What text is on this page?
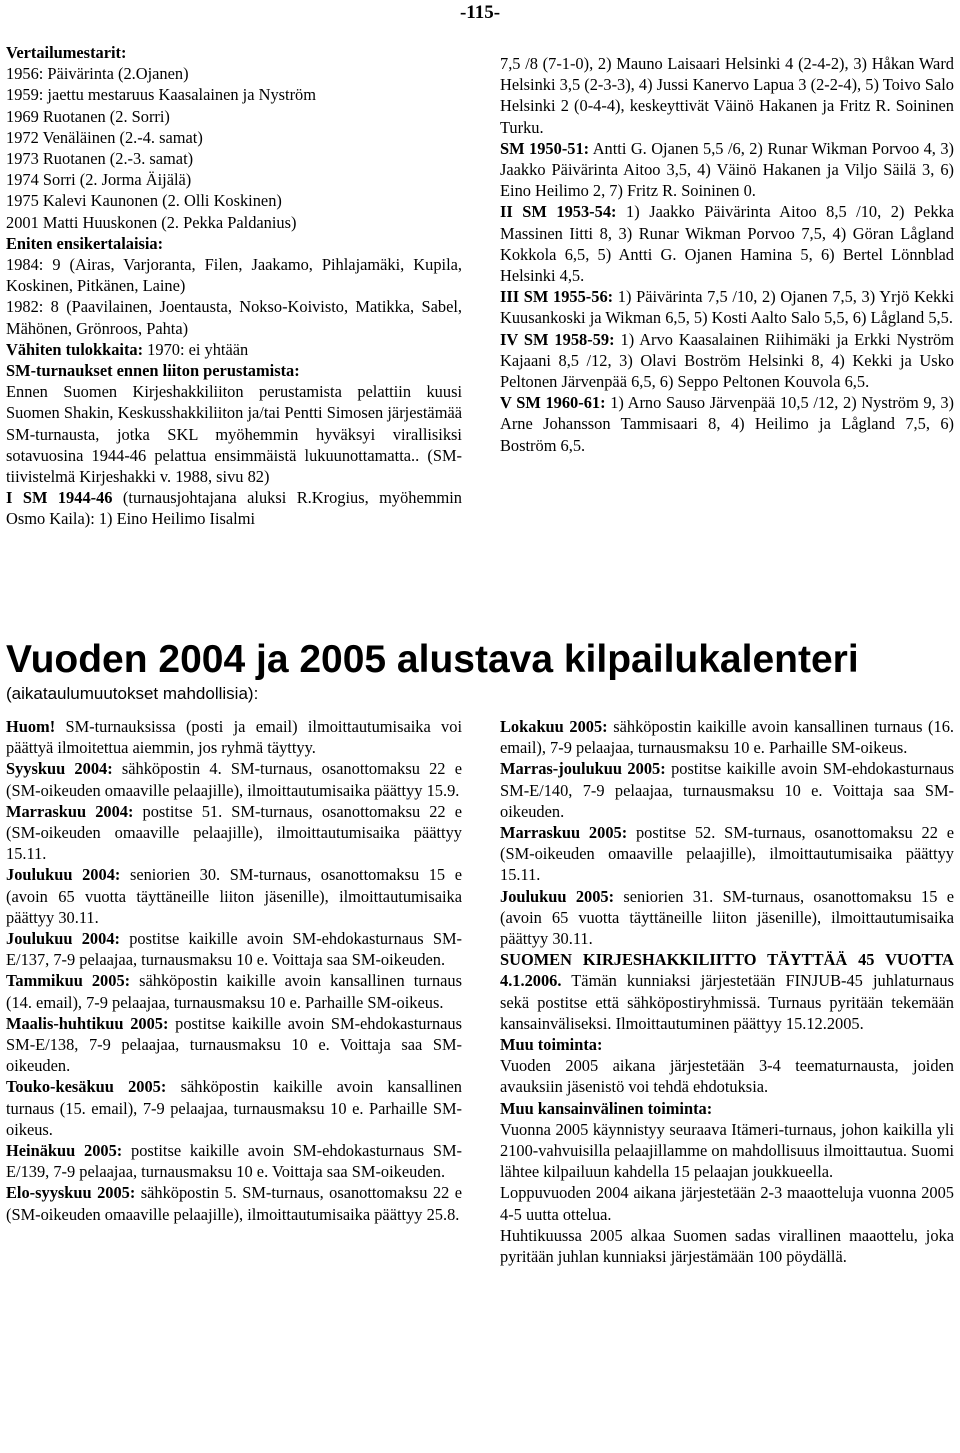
-115-

Vertailumestarit:

1956: Päivärinta (2.Ojanen)

1959: jaettu mestaruus Kaasalainen ja Nyström

1969 Ruotanen (2. Sorri)

1972 Venäläinen (2.-4. samat)

1973 Ruotanen (2.-3. samat)

1974 Sorri (2. Jorma Äijälä)

1975 Kalevi Kaunonen (2. Olli Koskinen)

2001 Matti Huuskonen (2. Pekka Paldanius)

Eniten ensikertalaisia:

1984: 9 (Airas, Varjoranta, Filen, Jaakamo, Pihlajamäki, Kupila, Koskinen, Pitkänen, Laine)

1982: 8 (Paavilainen, Joentausta, Nokso-Koivisto, Matikka, Sabel, Mähönen, Grönroos, Pahta)

Vähiten tulokkaita: 1970: ei yhtään

SM-turnaukset ennen liiton perustamista:

Ennen Suomen Kirjeshakkiliiton perustamista pelattiin kuusi Suomen Shakin, Keskusshakkiliiton ja/tai Pentti Simosen järjestämää SM-turnausta, jotka SKL myöhemmin hyväksyi virallisiksi sotavuosina 1944-46 pelattua ensimmäistä lukuunottamatta.. (SM-tiivistelmä Kirjeshakki v. 1988, sivu 82)

I SM 1944-46 (turnausjohtajana aluksi R.Krogius, myöhemmin Osmo Kaila): 1) Eino Heilimo Iisalmi

7,5 /8 (7-1-0), 2) Mauno Laisaari Helsinki 4 (2-4-2), 3) Håkan Ward Helsinki 3,5 (2-3-3), 4) Jussi Kanervo Lapua 3 (2-2-4), 5) Toivo Salo Helsinki 2 (0-4-4), keskeyttivät Väinö Hakanen ja Fritz R. Soininen Turku.

SM 1950-51: Antti G. Ojanen 5,5 /6, 2) Runar Wikman Porvoo 4, 3) Jaakko Päivärinta Aitoo 3,5, 4) Väinö Hakanen ja Viljo Säilä 3, 6) Eino Heilimo 2, 7) Fritz R. Soininen 0.

II SM 1953-54: 1) Jaakko Päivärinta Aitoo 8,5 /10, 2) Pekka Massinen Iitti 8, 3) Runar Wikman Porvoo 7,5, 4) Göran Lågland Kokkola 6,5, 5) Antti G. Ojanen Hamina 5, 6) Bertel Lönnblad Helsinki 4,5.

III SM 1955-56: 1) Päivärinta 7,5 /10, 2) Ojanen 7,5, 3) Yrjö Kekki Kuusankoski ja Wikman 6,5, 5) Kosti Aalto Salo 5,5, 6) Lågland 5,5.

IV SM 1958-59: 1) Arvo Kaasalainen Riihimäki ja Erkki Nyström Kajaani 8,5 /12, 3) Olavi Boström Helsinki 8, 4) Kekki ja Usko Peltonen Järvenpää 6,5, 6) Seppo Peltonen Kouvola 6,5.

V SM 1960-61: 1) Arno Sauso Järvenpää 10,5 /12, 2) Nyström 9, 3) Arne Johansson Tammisaari 8, 4) Heilimo ja Lågland 7,5, 6) Boström 6,5.

Vuoden 2004 ja 2005 alustava kilpailukalenteri
(aikataulumuutokset mahdollisia):

Huom! SM-turnauksissa (posti ja email) ilmoittautumisaika voi päättyä ilmoitettua aiemmin, jos ryhmä täyttyy.

Syyskuu 2004: sähköpostin 4. SM-turnaus, osanottomaksu 22 e (SM-oikeuden omaaville pelaajille), ilmoittautumisaika päättyy 15.9.

Marraskuu 2004: postitse 51. SM-turnaus, osanottomaksu 22 e (SM-oikeuden omaaville pelaajille), ilmoittautumisaika päättyy 15.11.

Joulukuu 2004: seniorien 30. SM-turnaus, osanottomaksu 15 e (avoin 65 vuotta täyttäneille liiton jäsenille), ilmoittautumisaika päättyy 30.11.

Joulukuu 2004: postitse kaikille avoin SM-ehdokasturnaus SM-E/137, 7-9 pelaajaa, turnausmaksu 10 e. Voittaja saa SM-oikeuden.

Tammikuu 2005: sähköpostin kaikille avoin kansallinen turnaus (14. email), 7-9 pelaajaa, turnausmaksu 10 e. Parhaille SM-oikeus.

Maalis-huhtikuu 2005: postitse kaikille avoin SM-ehdokasturnaus SM-E/138, 7-9 pelaajaa, turnausmaksu 10 e. Voittaja saa SM-oikeuden.

Touko-kesäkuu 2005: sähköpostin kaikille avoin kansallinen turnaus (15. email), 7-9 pelaajaa, turnausmaksu 10 e. Parhaille SM-oikeus.

Heinäkuu 2005: postitse kaikille avoin SM-ehdokasturnaus SM-E/139, 7-9 pelaajaa, turnausmaksu 10 e. Voittaja saa SM-oikeuden.

Elo-syyskuu 2005: sähköpostin 5. SM-turnaus, osanottomaksu 22 e (SM-oikeuden omaaville pelaajille), ilmoittautumisaika päättyy 25.8.

Lokakuu 2005: sähköpostin kaikille avoin kansallinen turnaus (16. email), 7-9 pelaajaa, turnausmaksu 10 e. Parhaille SM-oikeus.

Marras-joulukuu 2005: postitse kaikille avoin SM-ehdokasturnaus SM-E/140, 7-9 pelaajaa, turnausmaksu 10 e. Voittaja saa SM-oikeuden.

Marraskuu 2005: postitse 52. SM-turnaus, osanottomaksu 22 e (SM-oikeuden omaaville pelaajille), ilmoittautumisaika päättyy 15.11.

Joulukuu 2005: seniorien 31. SM-turnaus, osanottomaksu 15 e (avoin 65 vuotta täyttäneille liiton jäsenille), ilmoittautumisaika päättyy 30.11.

SUOMEN KIRJESHAKKILIITTO TÄYTTÄÄ 45 VUOTTA 4.1.2006. Tämän kunniaksi järjestetään FINJUB-45 juhlaturnaus sekä postitse että sähköpostiryhmissä. Turnaus pyritään tekemään kansainväliseksi. Ilmoittautuminen päättyy 15.12.2005.

Muu toiminta:

Vuoden 2005 aikana järjestetään 3-4 teematurnausta, joiden avauksiin jäsenistö voi tehdä ehdotuksia.

Muu kansainvälinen toiminta:

Vuonna 2005 käynnistyy seuraava Itämeri-turnaus, johon kaikilla yli 2100-vahvuisilla pelaajillamme on mahdollisuus ilmoittautua. Suomi lähtee kilpailuun kahdella 15 pelaajan joukkueella.

Loppuvuoden 2004 aikana järjestetään 2-3 maaotteluja vuonna 2005 4-5 uutta ottelua.

Huhtikuussa 2005 alkaa Suomen sadas virallinen maaottelu, joka pyritään juhlan kunniaksi järjestämään 100 pöydällä.
